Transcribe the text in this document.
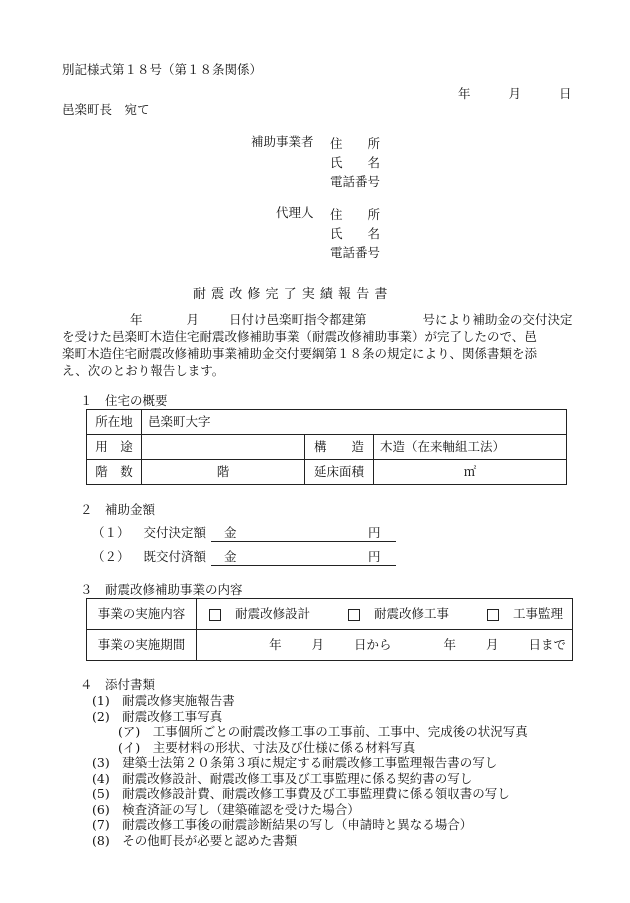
別記様式第１８号（第１８条関係）
年	月	日
邑楽町長　宛て
補助事業者 住　　所
氏　　名
電話番号
代理人 住　　所
氏　　名
電話番号
耐 震 改 修 完 了 実 績 報 告 書
年	月 日付け邑楽町指令都建第	号により補助金の交付決定
を受けた邑楽町木造住宅耐震改修補助事業（耐震改修補助事業）が完了したので、邑
楽町木造住宅耐震改修補助事業補助金交付要綱第１８条の規定により、関係書類を添
え、次のとおり報告します。
１　住宅の概要
所在地	邑楽町大字		
用　途		構　　造	木造（在来軸組工法）
階　数	階	延床面積	㎡
２　補助金額
（１） 交付決定額 金	円
（２） 既交付済額 金	円
３　耐震改修補助事業の内容
事業の実施内容	耐震改修設計 耐震改修工事 工事監理
事業の実施期間	年 月 日から 年 月 日まで
４　添付書類
(1)　耐震改修実施報告書
(2)　耐震改修工事写真
(ア)　工事個所ごとの耐震改修工事の工事前、工事中、完成後の状況写真
(イ)　主要材料の形状、寸法及び仕様に係る材料写真
(3)　建築士法第２０条第３項に規定する耐震改修工事監理報告書の写し
(4)　耐震改修設計、耐震改修工事及び工事監理に係る契約書の写し
(5)　耐震改修設計費、耐震改修工事費及び工事監理費に係る領収書の写し
(6)　検査済証の写し（建築確認を受けた場合）
(7)　耐震改修工事後の耐震診断結果の写し（申請時と異なる場合）
(8)　その他町長が必要と認めた書類
